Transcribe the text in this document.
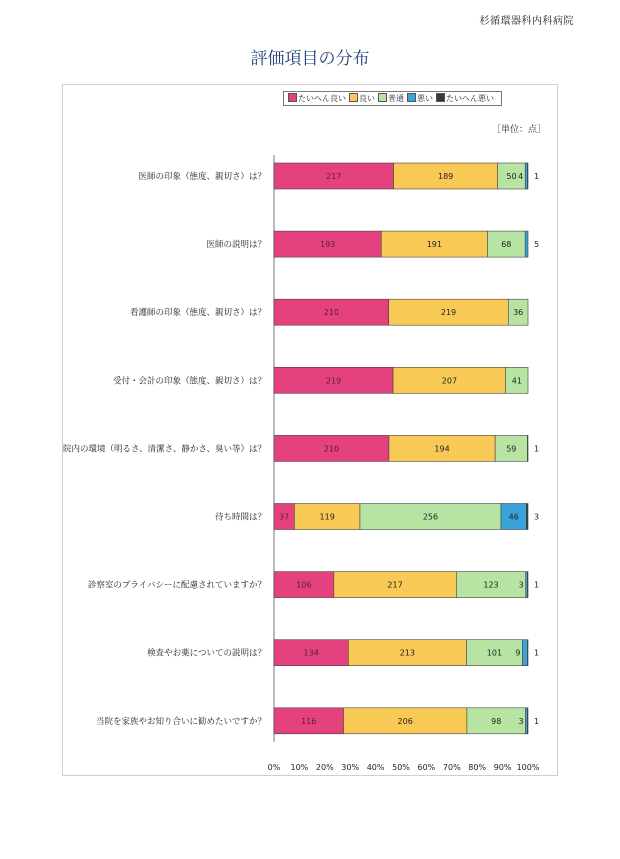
杉循環器科内科病院
評価項目の分布
たいへん良い 良い 普通 悪い たいへん悪い
［単位：点］
医師の印象（態度、親切さ）は？	217	189	50 4 1
医師の説明は？	193	191	68	5
看護師の印象（態度、親切さ）は？	210	219	36
受付・会計の印象（態度、親切さ）は？	219	207	41
院内の環境（明るさ、清潔さ、静かさ、臭い等）は？	210	194	59 1
待ち時間は？ 37	119	256	46 3
診察室のプライバシーに配慮されていますか？	106	217	123 3 1
検査やお薬についての説明は？	134	213	101 9 1
当院を家族やお知り合いに勧めたいですか？	116	206	98 3 1
0% 10% 20% 30% 40% 50% 60% 70% 80% 90% 100%
